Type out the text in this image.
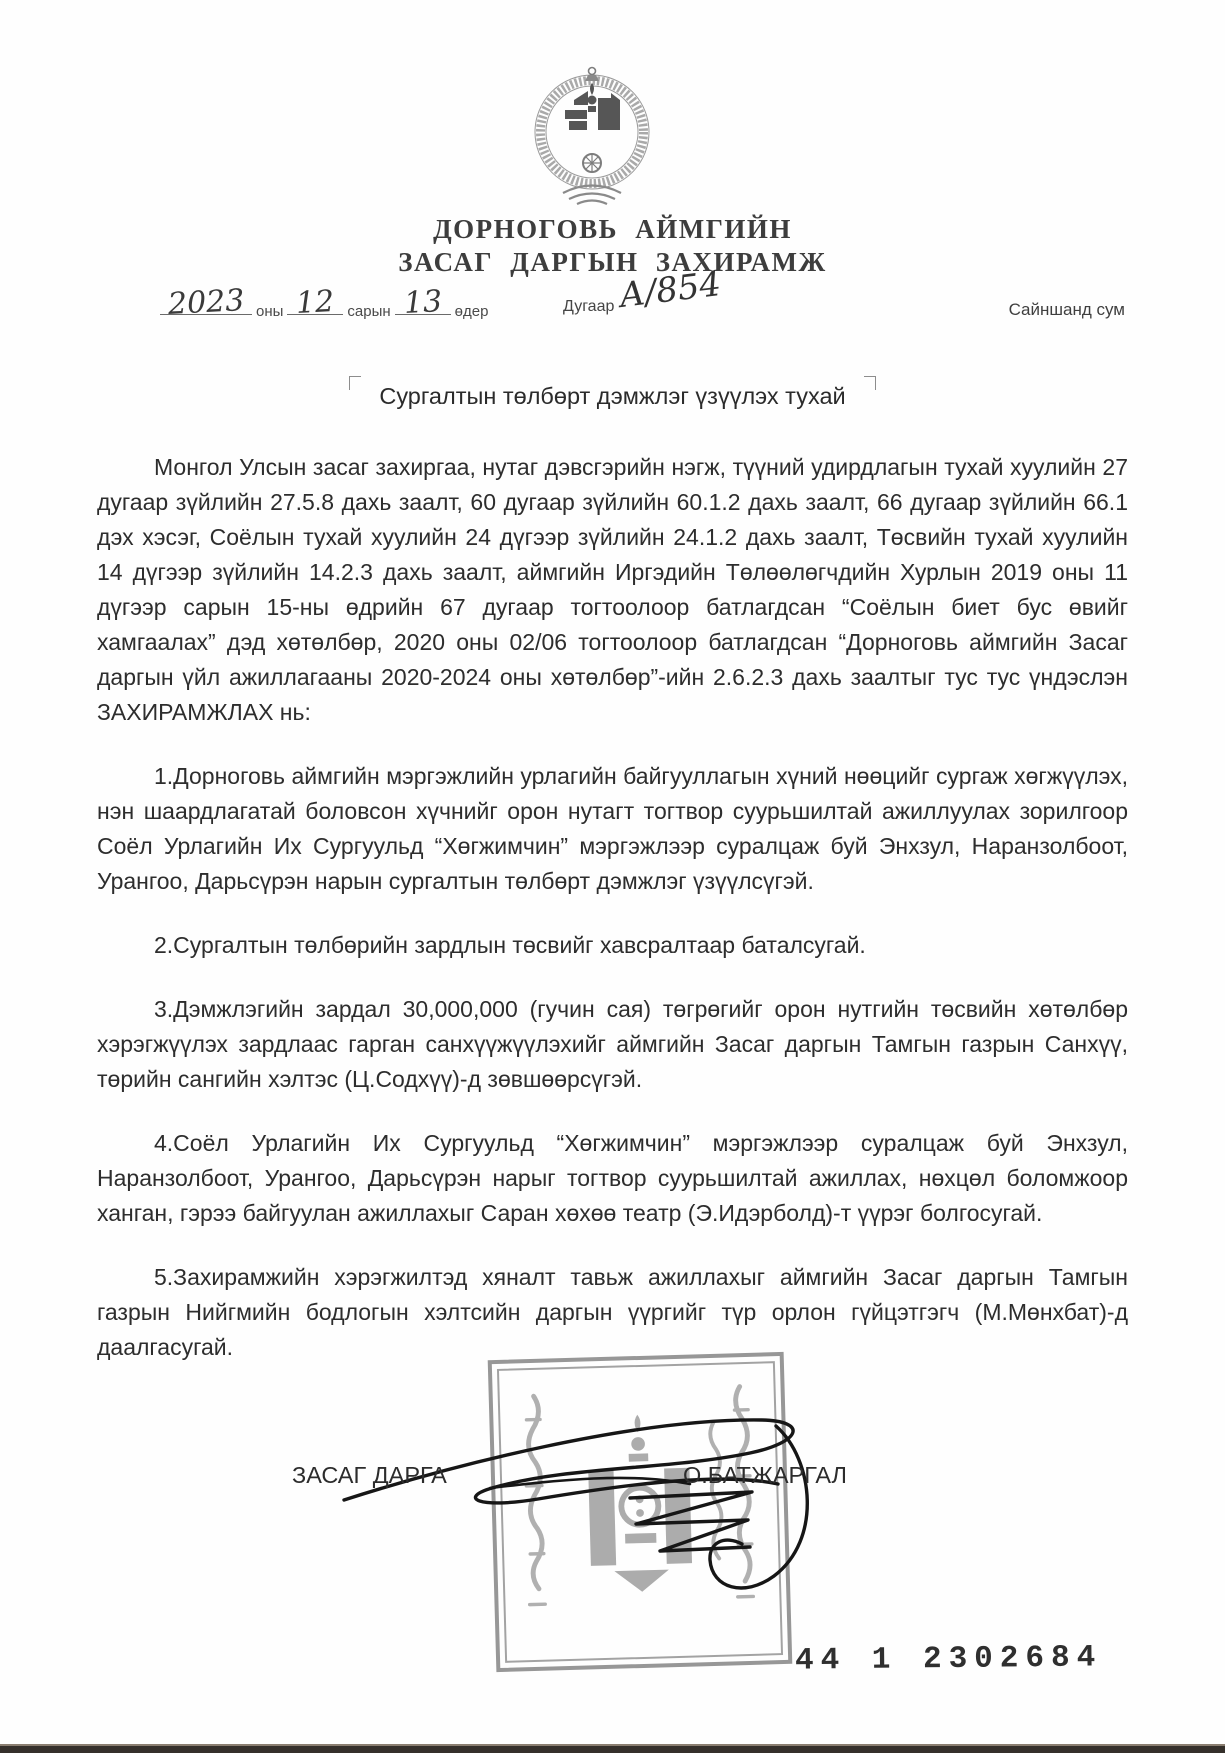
ДОРНОГОВЬ АЙМГИЙН
ЗАСАГ ДАРГЫН ЗАХИРАМЖ
2023 оны 12 сарын 13 өдер	Дугаар А/854	Сайншанд сум
Сургалтын төлбөрт дэмжлэг үзүүлэх тухай

Монгол Улсын засаг захиргаа, нутаг дэвсгэрийн нэгж, түүний удирдлагын тухай хуулийн 27 дугаар зүйлийн 27.5.8 дахь заалт, 60 дугаар зүйлийн 60.1.2 дахь заалт, 66 дугаар зүйлийн 66.1 дэх хэсэг, Соёлын тухай хуулийн 24 дүгээр зүйлийн 24.1.2 дахь заалт, Төсвийн тухай хуулийн 14 дүгээр зүйлийн 14.2.3 дахь заалт, аймгийн Иргэдийн Төлөөлөгчдийн Хурлын 2019 оны 11 дүгээр сарын 15-ны өдрийн 67 дугаар тогтоолоор батлагдсан “Соёлын биет бус өвийг хамгаалах” дэд хөтөлбөр, 2020 оны 02/06 тогтоолоор батлагдсан “Дорноговь аймгийн Засаг даргын үйл ажиллагааны 2020-2024 оны хөтөлбөр”-ийн 2.6.2.3 дахь заалтыг тус тус үндэслэн ЗАХИРАМЖЛАХ нь:

1.Дорноговь аймгийн мэргэжлийн урлагийн байгууллагын хүний нөөцийг сургаж хөгжүүлэх, нэн шаардлагатай боловсон хүчнийг орон нутагт тогтвор суурьшилтай ажиллуулах зорилгоор Соёл Урлагийн Их Сургуульд “Хөгжимчин” мэргэжлээр суралцаж буй Энхзул, Наранзолбоот, Урангоо, Дарьсүрэн нарын сургалтын төлбөрт дэмжлэг үзүүлсүгэй.

2.Сургалтын төлбөрийн зардлын төсвийг хавсралтаар баталсугай.

3.Дэмжлэгийн зардал 30,000,000 (гучин сая) төгрөгийг орон нутгийн төсвийн хөтөлбөр хэрэгжүүлэх зардлаас гарган санхүүжүүлэхийг аймгийн Засаг даргын Тамгын газрын Санхүү, төрийн сангийн хэлтэс (Ц.Содхүү)-д зөвшөөрсүгэй.

4.Соёл Урлагийн Их Сургуульд “Хөгжимчин” мэргэжлээр суралцаж буй Энхзул, Наранзолбоот, Урангоо, Дарьсүрэн нарыг тогтвор суурьшилтай ажиллах, нөхцөл боломжоор ханган, гэрээ байгуулан ажиллахыг Саран хөхөө театр (Э.Идэрболд)-т үүрэг болгосугай.

5.Захирамжийн хэрэгжилтэд хяналт тавьж ажиллахыг аймгийн Засаг даргын Тамгын газрын Нийгмийн бодлогын хэлтсийн даргын үүргийг түр орлон гүйцэтгэгч (М.Мөнхбат)-д даалгасугай.

ЗАСАГ ДАРГА	О.БАТЖАРГАЛ
44 1 2302684
